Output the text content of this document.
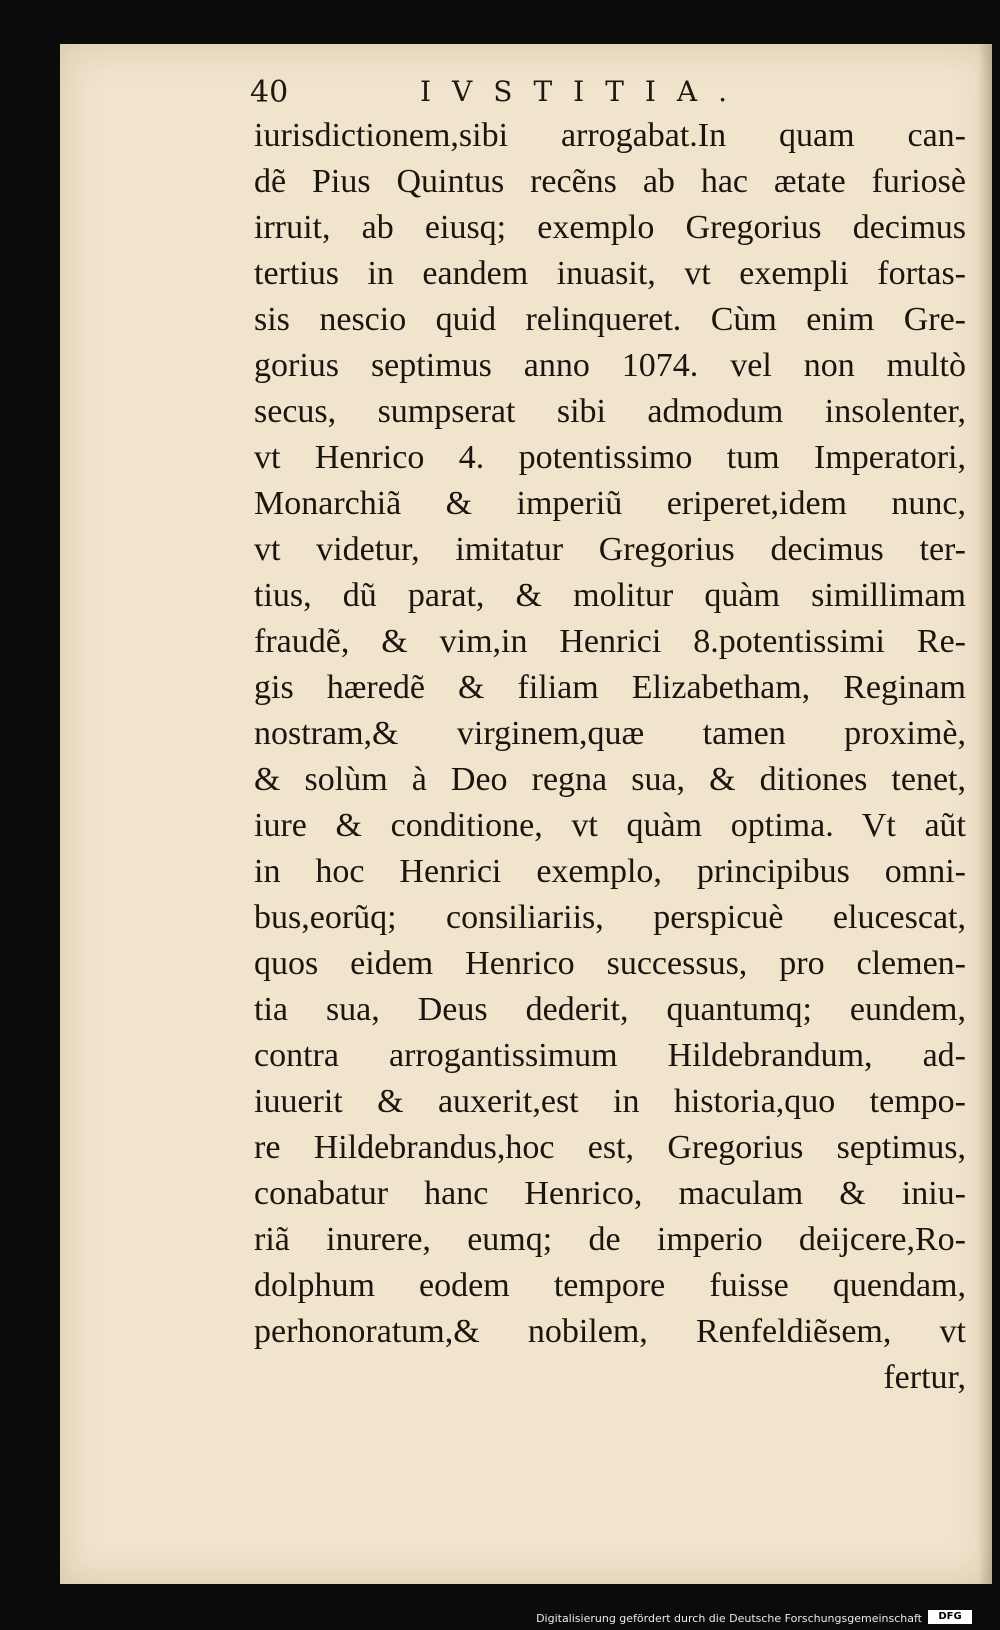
40	IVSTITIA.
iurisdictionem,sibi arrogabat.In quam can-
dẽ Pius Quintus recẽns ab hac ætate furiosè
irruit, ab eiusq; exemplo Gregorius decimus
tertius in eandem inuasit, vt exempli fortas-
sis nescio quid relinqueret. Cùm enim Gre-
gorius septimus anno 1074. vel non multò
secus, sumpserat sibi admodum insolenter,
vt Henrico 4. potentissimo tum Imperatori,
Monarchiã & imperiũ eriperet,idem nunc,
vt videtur, imitatur Gregorius decimus ter-
tius, dũ parat, & molitur quàm simillimam
fraudẽ, & vim,in Henrici 8.potentissimi Re-
gis hæredẽ & filiam Elizabetham, Reginam
nostram,& virginem,quæ tamen proximè,
& solùm à Deo regna sua, & ditiones tenet,
iure & conditione, vt quàm optima. Vt aũt
in hoc Henrici exemplo, principibus omni-
bus,eorũq; consiliariis, perspicuè elucescat,
quos eidem Henrico successus, pro clemen-
tia sua, Deus dederit, quantumq; eundem,
contra arrogantissimum Hildebrandum, ad-
iuuerit & auxerit,est in historia,quo tempo-
re Hildebrandus,hoc est, Gregorius septimus,
conabatur hanc Henrico, maculam & iniu-
riã inurere, eumq; de imperio deijcere,Ro-
dolphum eodem tempore fuisse quendam,
perhonoratum,& nobilem, Renfeldiẽsem, vt
fertur,
Digitalisierung gefördert durch die Deutsche Forschungsgemeinschaft	DFG
